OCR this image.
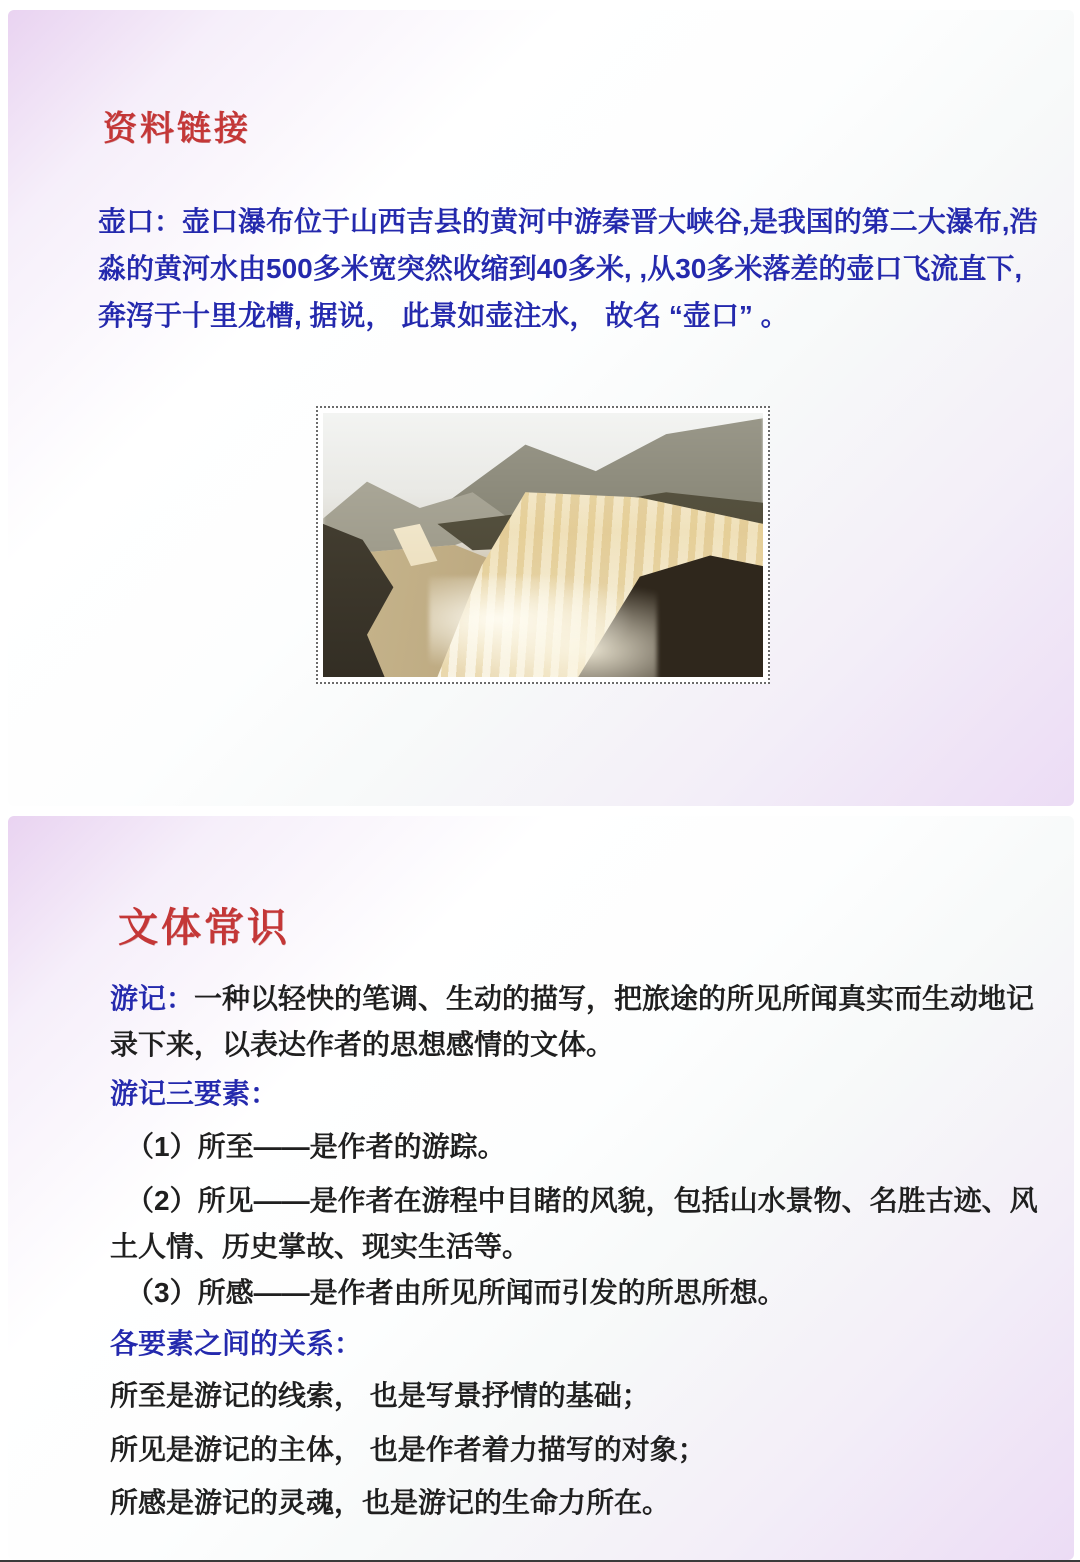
资料链接

壶口：壶口瀑布位于山西吉县的黄河中游秦晋大峡谷,是我国的第二大瀑布,浩淼的黄河水由500多米宽突然收缩到40多米, ,从30多米落差的壶口飞流直下,奔泻于十里龙槽, 据说， 此景如壶注水， 故名 “壶口” 。

文体常识

游记：一种以轻快的笔调、生动的描写，把旅途的所见所闻真实而生动地记录下来，以表达作者的思想感情的文体。

游记三要素：

（1）所至——是作者的游踪。

（2）所见——是作者在游程中目睹的风貌，包括山水景物、名胜古迹、风土人情、历史掌故、现实生活等。

（3）所感——是作者由所见所闻而引发的所思所想。

各要素之间的关系：

所至是游记的线索， 也是写景抒情的基础；

所见是游记的主体， 也是作者着力描写的对象；

所感是游记的灵魂，也是游记的生命力所在。
